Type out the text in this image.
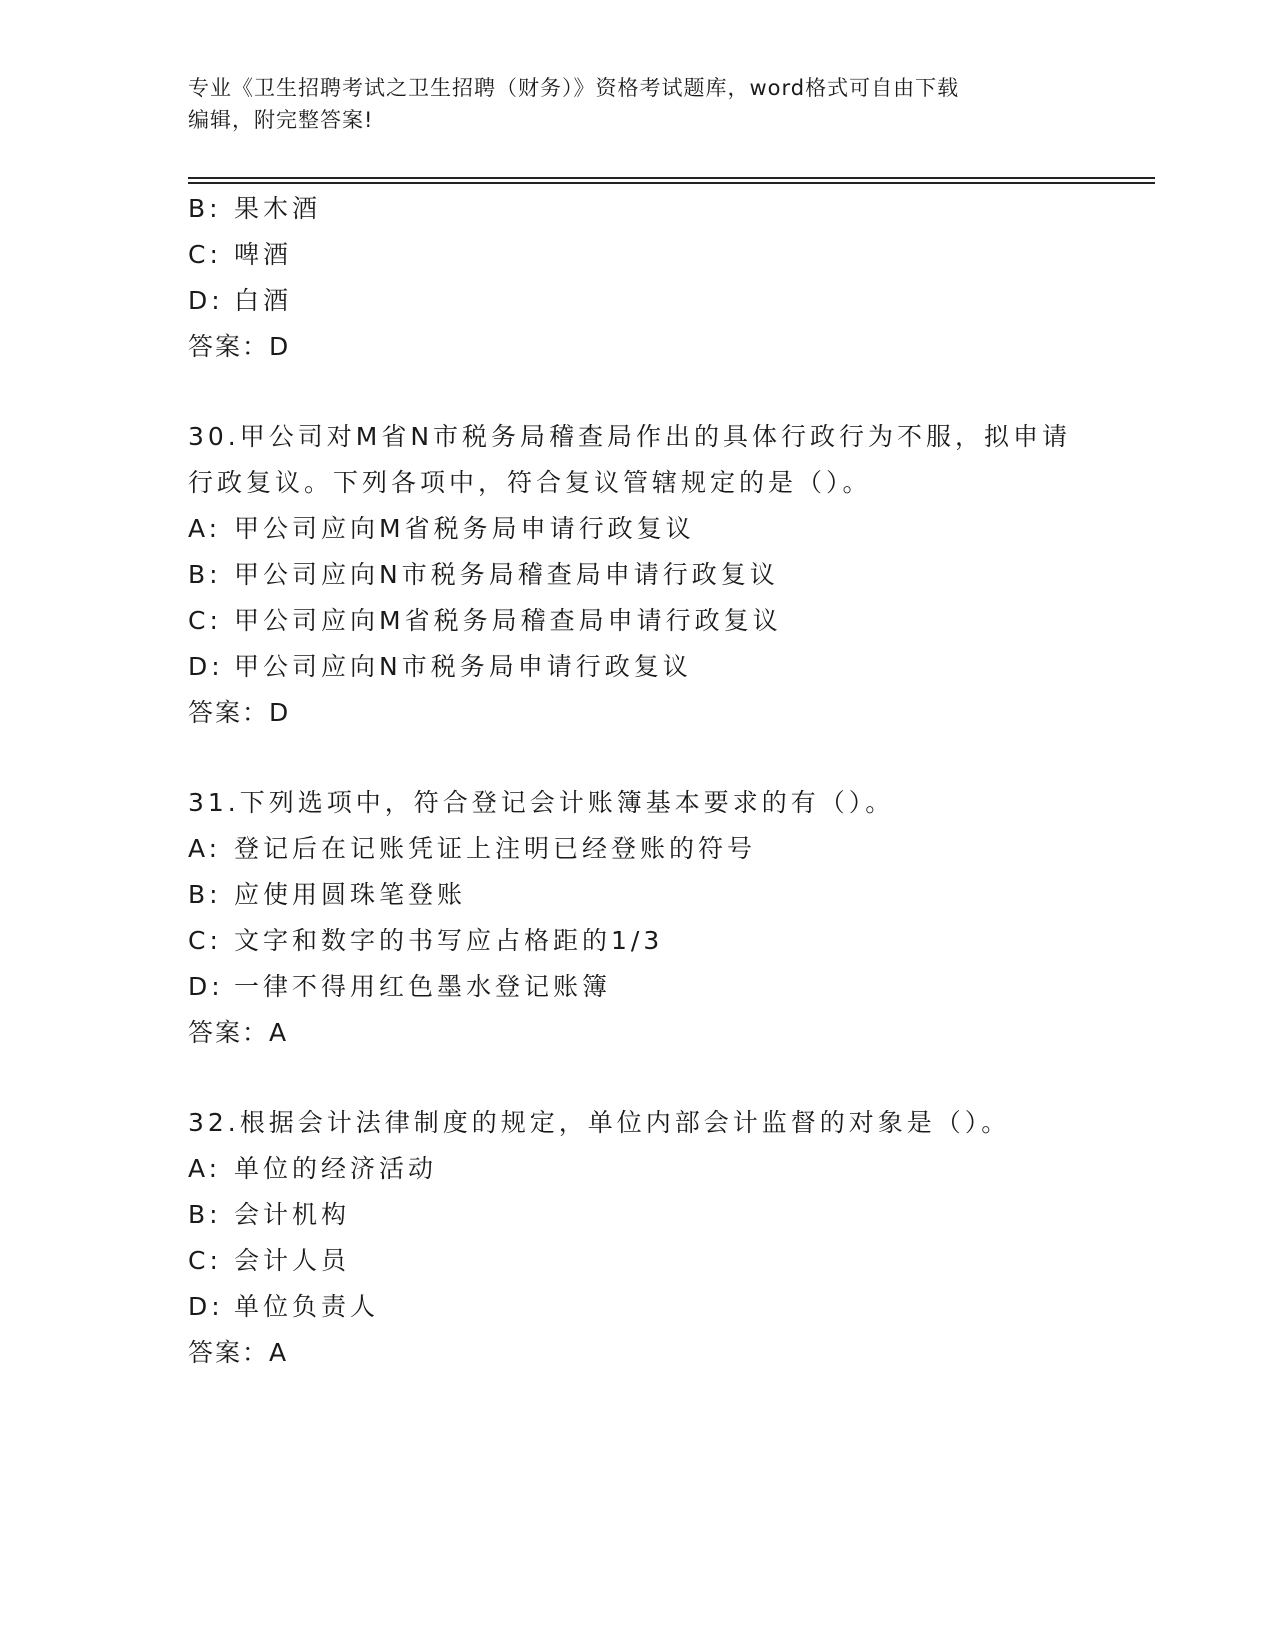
专业《卫生招聘考试之卫生招聘（财务）》资格考试题库，word格式可自由下载
编辑，附完整答案!
B: 果木酒
C: 啤酒
D: 白酒
答案：D
30.甲公司对M省N市税务局稽查局作出的具体行政行为不服，拟申请
行政复议。下列各项中，符合复议管辖规定的是（）。
A: 甲公司应向M省税务局申请行政复议
B: 甲公司应向N市税务局稽查局申请行政复议
C: 甲公司应向M省税务局稽查局申请行政复议
D: 甲公司应向N市税务局申请行政复议
答案：D
31.下列选项中，符合登记会计账簿基本要求的有（）。
A: 登记后在记账凭证上注明已经登账的符号
B: 应使用圆珠笔登账
C: 文字和数字的书写应占格距的1/3
D: 一律不得用红色墨水登记账簿
答案：A
32.根据会计法律制度的规定，单位内部会计监督的对象是（）。
A: 单位的经济活动
B: 会计机构
C: 会计人员
D: 单位负责人
答案：A
